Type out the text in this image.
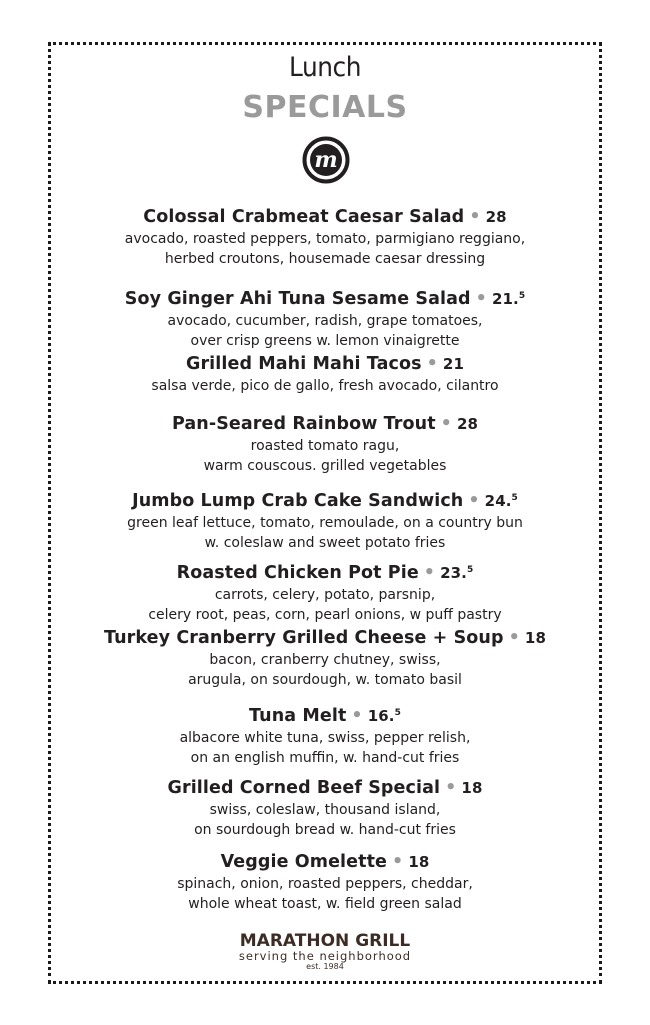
Lunch
SPECIALS
m
Colossal Crabmeat Caesar Salad • 28
avocado, roasted peppers, tomato, parmigiano reggiano,
herbed croutons, housemade caesar dressing
Soy Ginger Ahi Tuna Sesame Salad • 21.$^5$
avocado, cucumber, radish, grape tomatoes,
over crisp greens w. lemon vinaigrette
Grilled Mahi Mahi Tacos • 21
salsa verde, pico de gallo, fresh avocado, cilantro
Pan-Seared Rainbow Trout • 28
roasted tomato ragu,
warm couscous. grilled vegetables
Jumbo Lump Crab Cake Sandwich • 24.$^5$
green leaf lettuce, tomato, remoulade, on a country bun
w. coleslaw and sweet potato fries
Roasted Chicken Pot Pie • 23.$^5$
carrots, celery, potato, parsnip,
celery root, peas, corn, pearl onions, w puff pastry
Turkey Cranberry Grilled Cheese + Soup • 18
bacon, cranberry chutney, swiss,
arugula, on sourdough, w. tomato basil
Tuna Melt • 16.$^5$
albacore white tuna, swiss, pepper relish,
on an english muffin, w. hand-cut fries
Grilled Corned Beef Special • 18
swiss, coleslaw, thousand island,
on sourdough bread w. hand-cut fries
Veggie Omelette • 18
spinach, onion, roasted peppers, cheddar,
whole wheat toast, w. field green salad
MARATHON GRILL
serving the neighborhood
est. 1984
